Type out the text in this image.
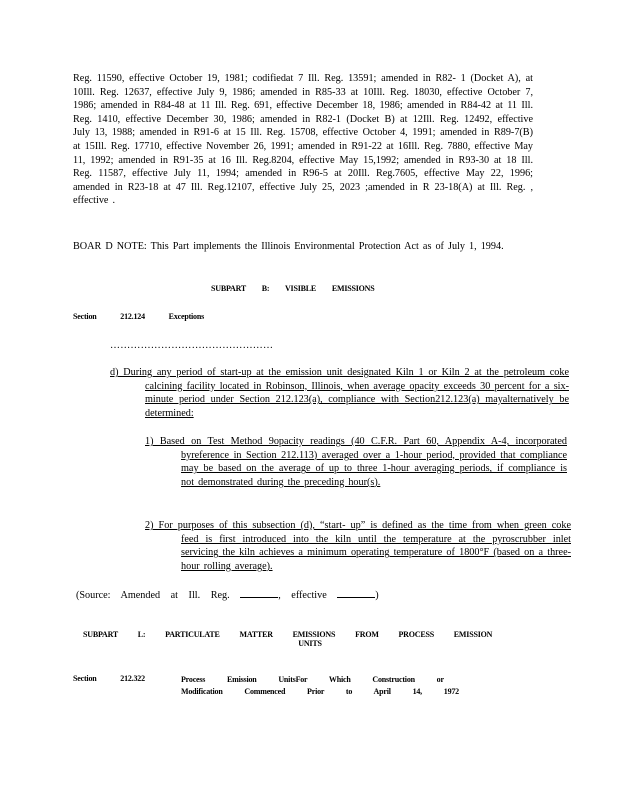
Reg. 11590, effective October 19, 1981; codifiedat 7 Ill. Reg. 13591; amended in R82- 1 (Docket A), at 10Ill. Reg. 12637, effective July 9, 1986; amended in R85-33 at 10Ill. Reg. 18030, effective October 7, 1986; amended in R84-48 at 11 Ill. Reg. 691, effective December 18, 1986; amended in R84-42 at 11 Ill. Reg. 1410, effective December 30, 1986; amended in R82-1 (Docket B) at 12Ill. Reg. 12492, effective July 13, 1988; amended in R91-6 at 15 Ill. Reg. 15708, effective October 4, 1991; amended in R89-7(B) at 15Ill. Reg. 17710, effective November 26, 1991; amended in R91-22 at 16Ill. Reg. 7880, effective May 11, 1992; amended in R91-35 at 16 Ill. Reg.8204, effective May 15,1992; amended in R93-30 at 18 Ill. Reg. 11587, effective July 11, 1994; amended in R96-5 at 20Ill. Reg.7605, effective May 22, 1996; amended in R23-18 at 47 Ill. Reg.12107, effective July 25, 2023 ;amended in R 23-18(A) at Ill. Reg. , effective .
BOAR D NOTE: This Part implements the Illinois Environmental Protection Act as of July 1, 1994.
SUBPART B: VISIBLE EMISSIONS
Section 212.124 Exceptions
…………………………………………
d) During any period of start-up at the emission unit designated Kiln 1 or Kiln 2 at the petroleum coke calcining facility located in Robinson, Illinois, when average opacity exceeds 30 percent for a six-minute period under Section 212.123(a), compliance with Section212.123(a) mayalternatively be determined:
1) Based on Test Method 9opacity readings (40 C.F.R. Part 60, Appendix A-4, incorporated byreference in Section 212.113) averaged over a 1-hour period, provided that compliance may be based on the average of up to three 1-hour averaging periods, if compliance is not demonstrated during the preceding hour(s).
2) For purposes of this subsection (d), “start- up” is defined as the time from when green coke feed is first introduced into the kiln until the temperature at the pyroscrubber inlet servicing the kiln achieves a minimum operating temperature of 1800°F (based on a three-hour rolling average).
(Source: Amended at Ill. Reg.	, effective	)
SUBPART L: PARTICULATE MATTER EMISSIONS FROM PROCESS EMISSION
UNITS
Section 212.322	Process Emission UnitsFor Which Construction or Modification Commenced Prior to April 14, 1972
